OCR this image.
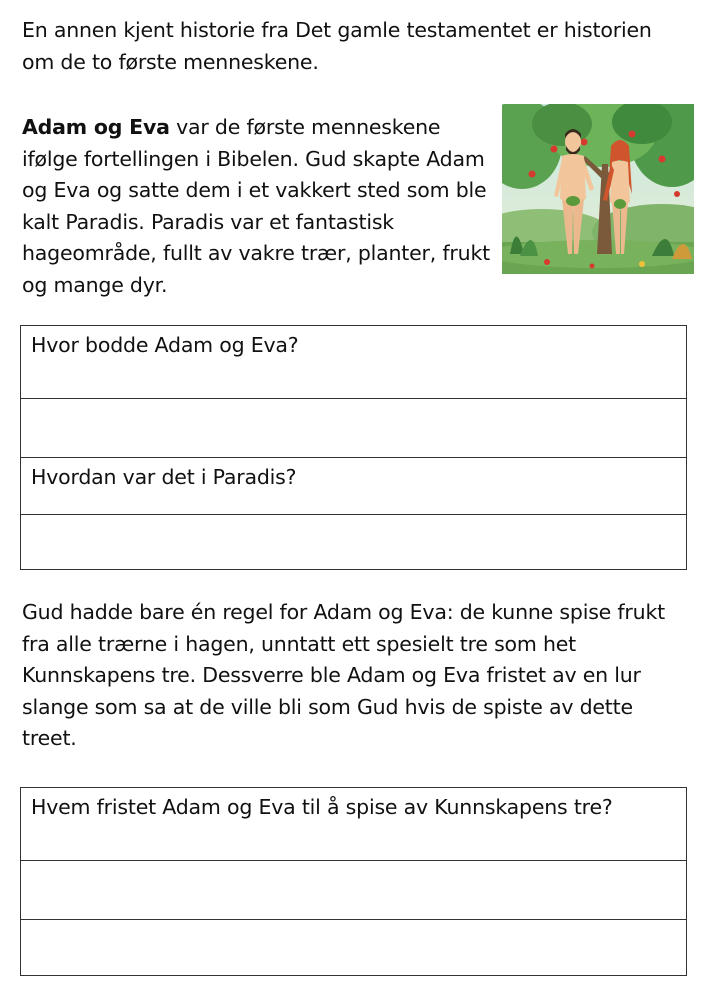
En annen kjent historie fra Det gamle testamentet er historien om de to første menneskene.

Adam og Eva var de første menneskene ifølge fortellingen i Bibelen. Gud skapte Adam og Eva og satte dem i et vakkert sted som ble kalt Paradis. Paradis var et fantastisk hageområde, fullt av vakre trær, planter, frukt og mange dyr.

Hvor bodde Adam og Eva?
Hvordan var det i Paradis?

Gud hadde bare én regel for Adam og Eva: de kunne spise frukt fra alle trærne i hagen, unntatt ett spesielt tre som het Kunnskapens tre. Dessverre ble Adam og Eva fristet av en lur slange som sa at de ville bli som Gud hvis de spiste av dette treet.

Hvem fristet Adam og Eva til å spise av Kunnskapens tre?
